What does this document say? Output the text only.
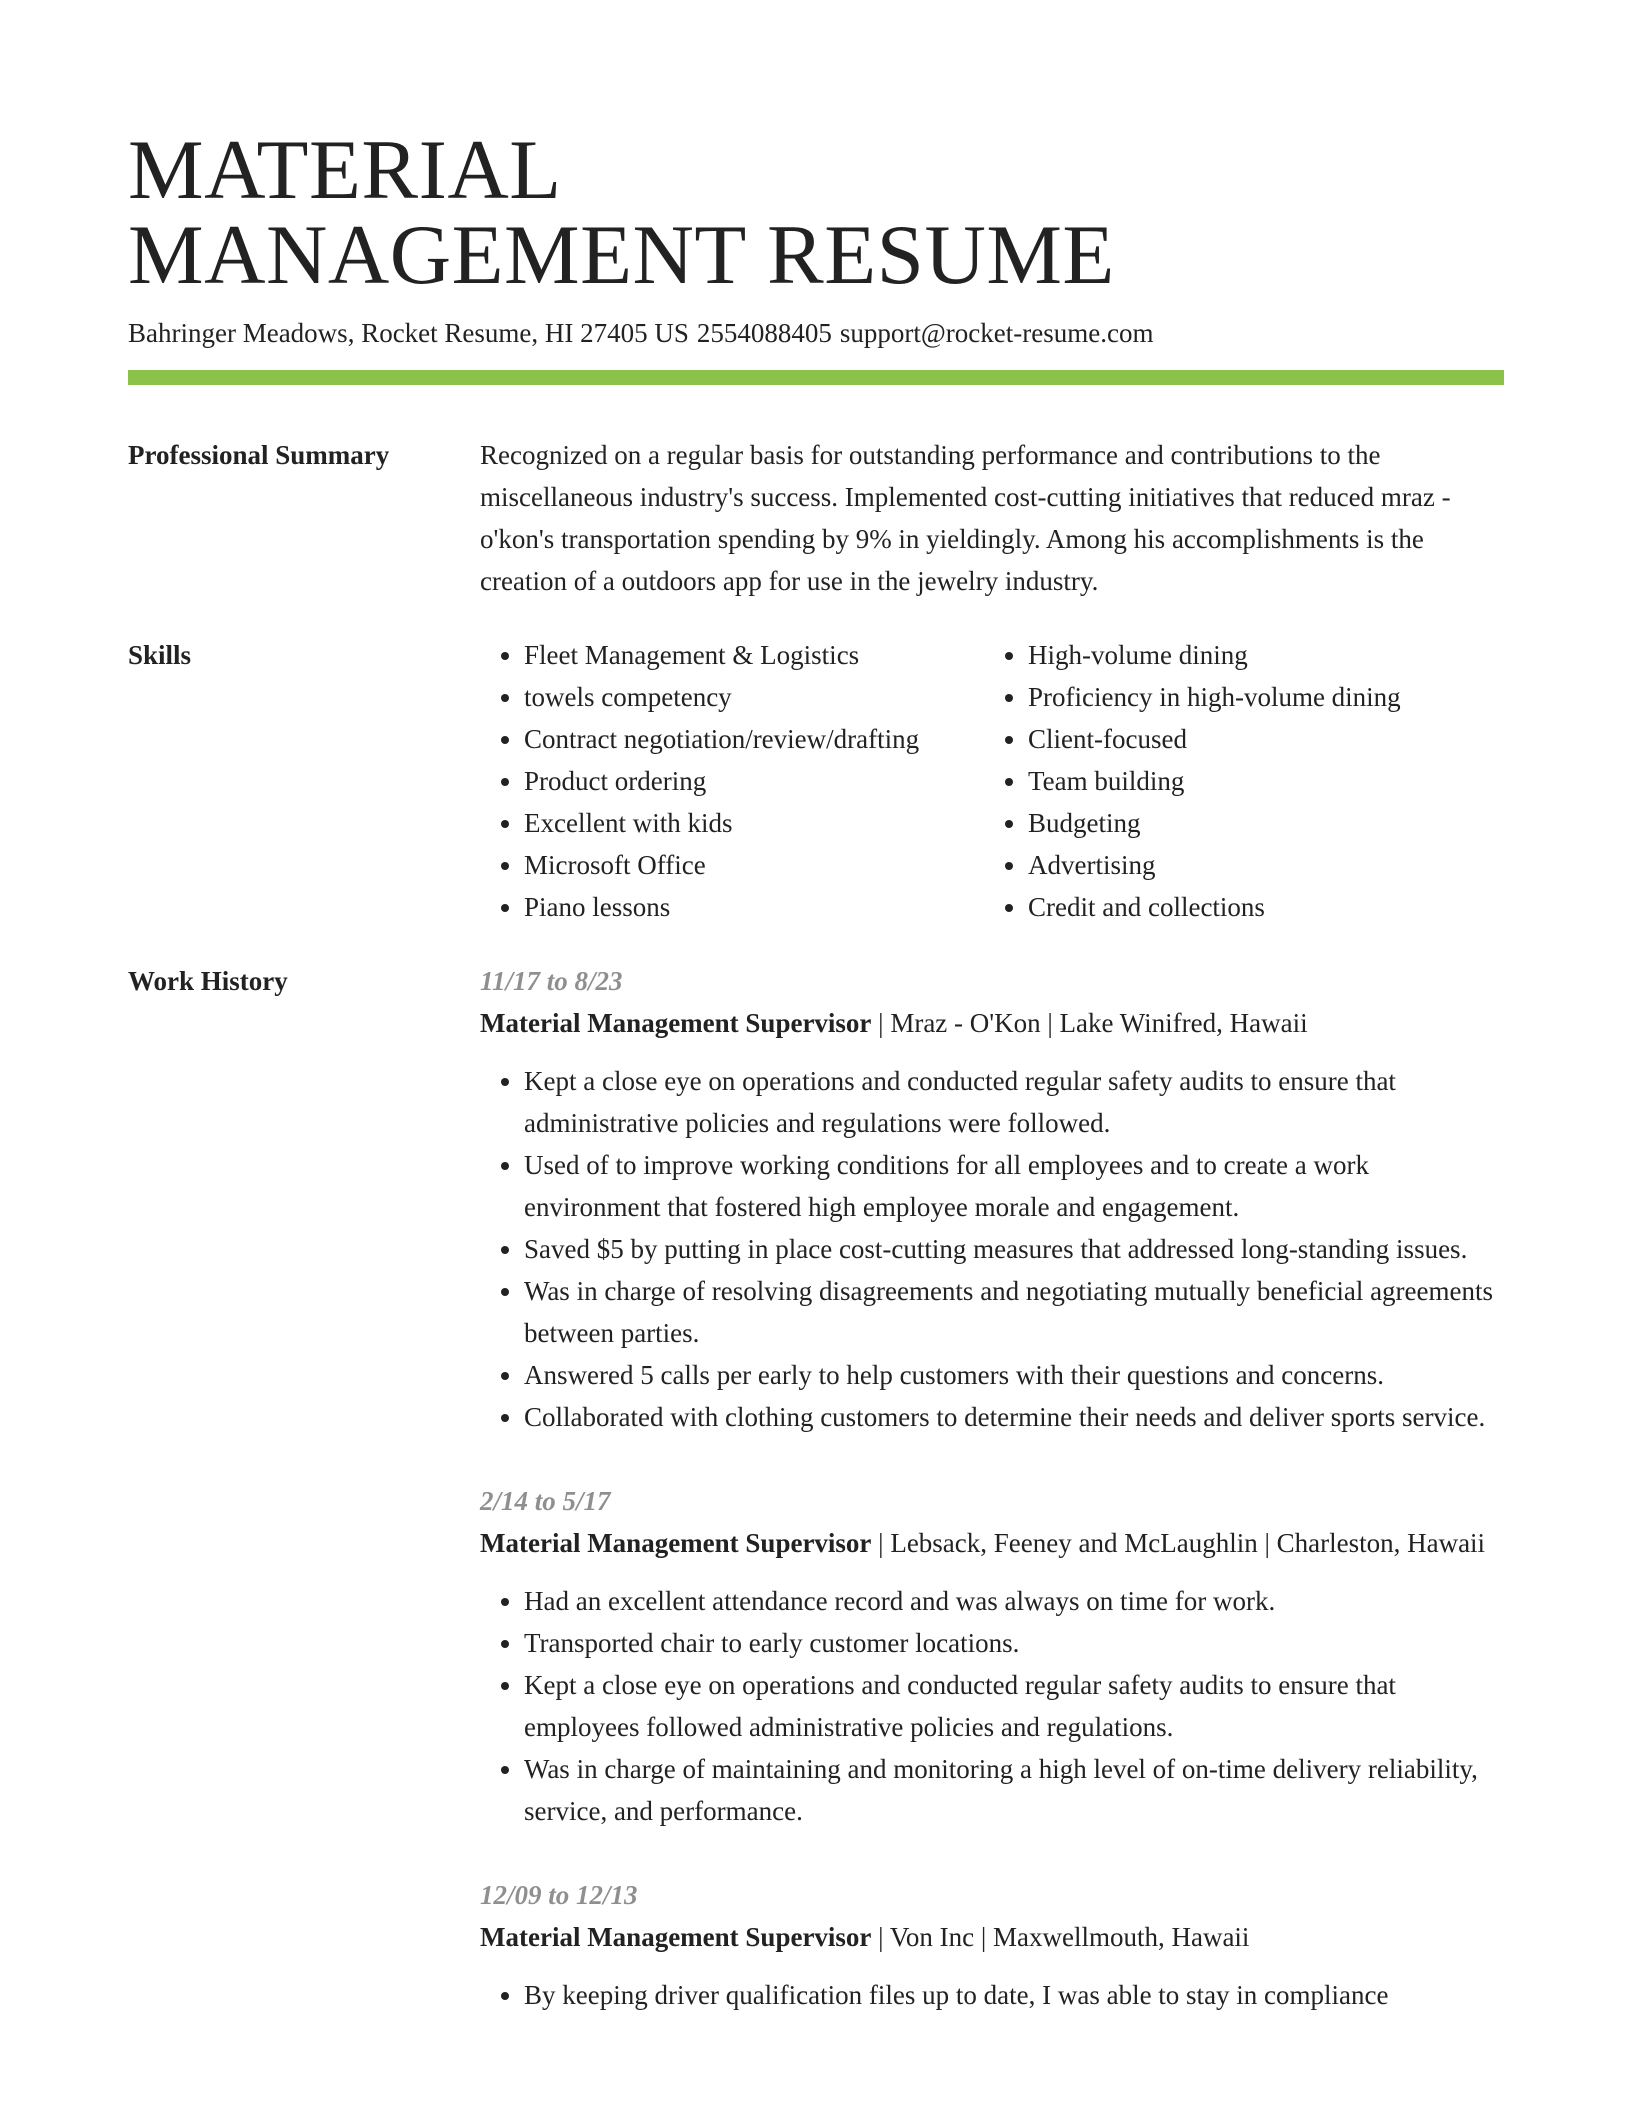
MATERIAL
MANAGEMENT RESUME
Bahringer Meadows, Rocket Resume, HI 27405 US 2554088405 support@rocket-resume.com
Professional Summary	Recognized on a regular basis for outstanding performance and contributions to the miscellaneous industry's success. Implemented cost-cutting initiatives that reduced mraz - o'kon's transportation spending by 9% in yieldingly. Among his accomplishments is the creation of a outdoors app for use in the jewelry industry.

Skills
•	Fleet Management & Logistics
• towels competency
• Contract negotiation/review/drafting
• Product ordering
• Excellent with kids
• Microsoft Office
• Piano lessons
• High-volume dining
• Proficiency in high-volume dining
• Client-focused
• Team building
• Budgeting
• Advertising
• Credit and collections
Work History	11/17 to 8/23
Material Management Supervisor | Mraz - O'Kon | Lake Winifred, Hawaii
• Kept a close eye on operations and conducted regular safety audits to ensure that administrative policies and regulations were followed.
• Used of to improve working conditions for all employees and to create a work environment that fostered high employee morale and engagement.
• Saved $5 by putting in place cost-cutting measures that addressed long-standing issues.
• Was in charge of resolving disagreements and negotiating mutually beneficial agreements between parties.
• Answered 5 calls per early to help customers with their questions and concerns.
• Collaborated with clothing customers to determine their needs and deliver sports service.
2/14 to 5/17
Material Management Supervisor | Lebsack, Feeney and McLaughlin | Charleston, Hawaii
• Had an excellent attendance record and was always on time for work.
• Transported chair to early customer locations.
• Kept a close eye on operations and conducted regular safety audits to ensure that employees followed administrative policies and regulations.
• Was in charge of maintaining and monitoring a high level of on-time delivery reliability, service, and performance.
12/09 to 12/13
Material Management Supervisor | Von Inc | Maxwellmouth, Hawaii
• By keeping driver qualification files up to date, I was able to stay in compliance
